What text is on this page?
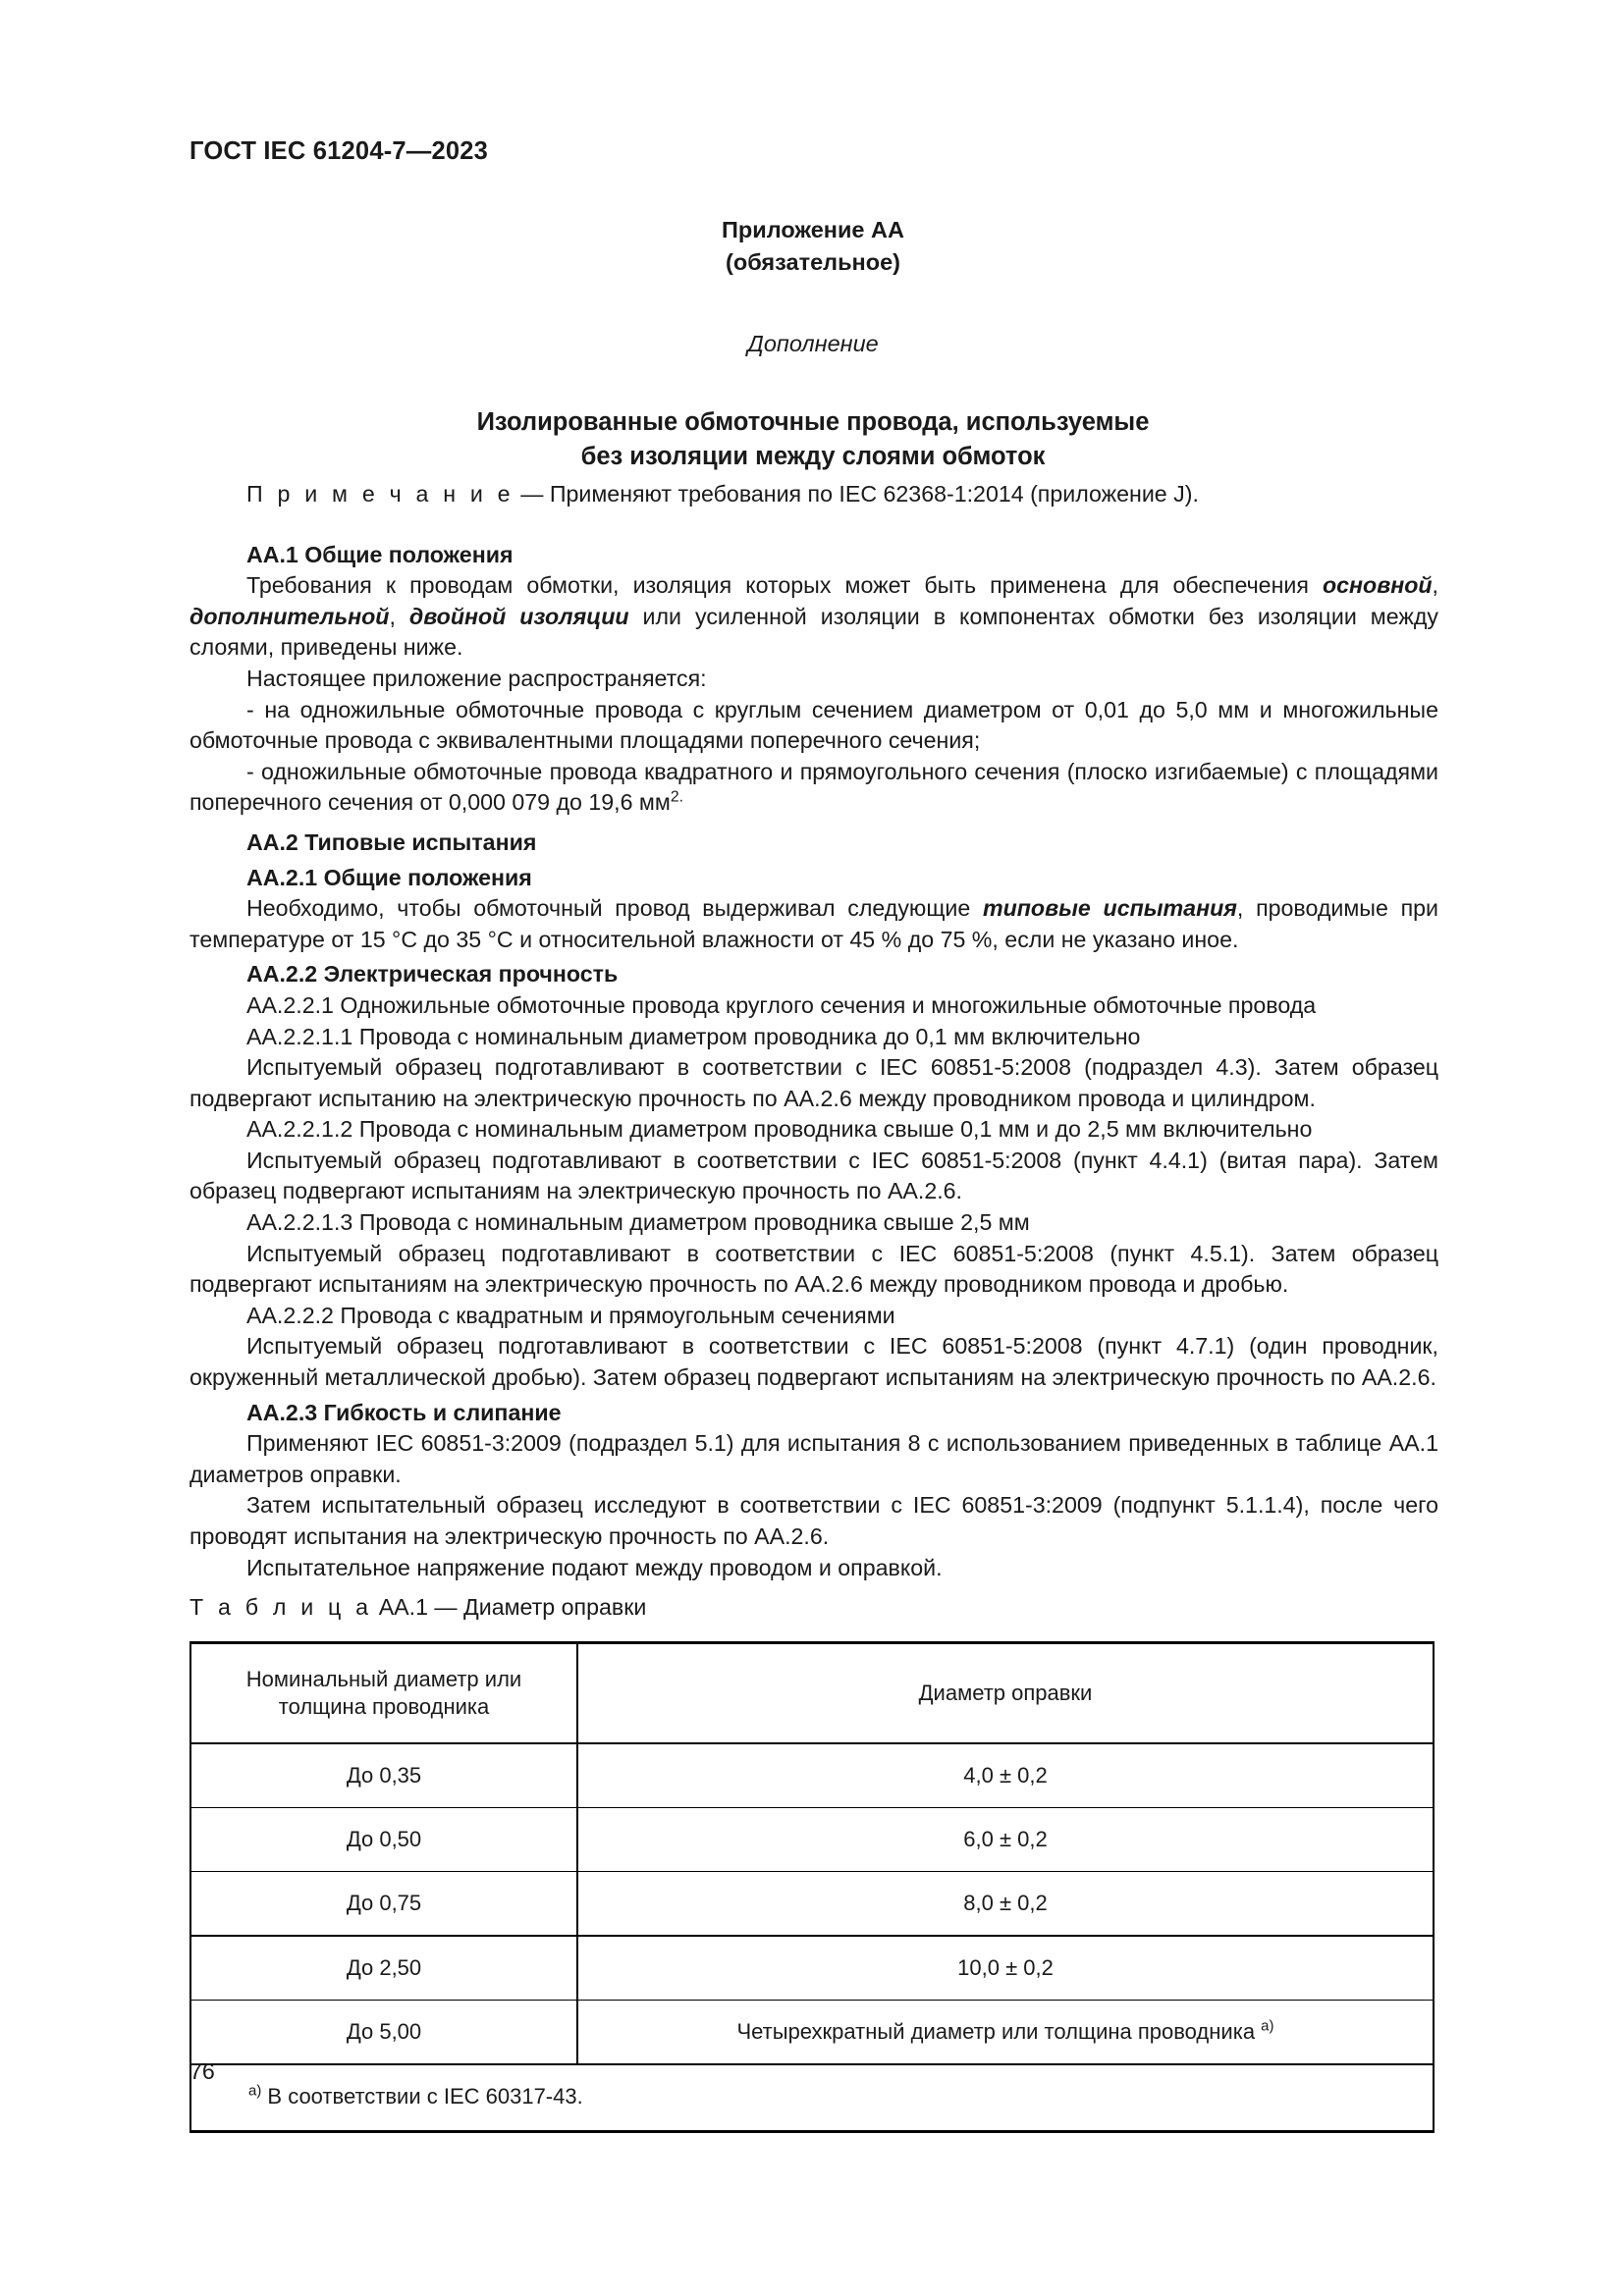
ГОСТ IEC 61204-7—2023
Приложение АА
(обязательное)
Дополнение
Изолированные обмоточные провода, используемые
без изоляции между слоями обмоток

П р и м е ч а н и е — Применяют требования по IEC 62368-1:2014 (приложение J).

АА.1 Общие положения

Требования к проводам обмотки, изоляция которых может быть применена для обеспечения основной, дополнительной, двойной изоляции или усиленной изоляции в компонентах обмотки без изоляции между слоями, приведены ниже.

Настоящее приложение распространяется:

- на одножильные обмоточные провода с круглым сечением диаметром от 0,01 до 5,0 мм и многожильные обмоточные провода с эквивалентными площадями поперечного сечения;

- одножильные обмоточные провода квадратного и прямоугольного сечения (плоско изгибаемые) с площадями поперечного сечения от 0,000 079 до 19,6 $мм^{2.}$

АА.2 Типовые испытания

АА.2.1 Общие положения

Необходимо, чтобы обмоточный провод выдерживал следующие типовые испытания, проводимые при температуре от 15 °С до 35 °С и относительной влажности от 45 % до 75 %, если не указано иное.

АА.2.2 Электрическая прочность

АА.2.2.1 Одножильные обмоточные провода круглого сечения и многожильные обмоточные провода

АА.2.2.1.1 Провода с номинальным диаметром проводника до 0,1 мм включительно

Испытуемый образец подготавливают в соответствии с IEC 60851-5:2008 (подраздел 4.3). Затем образец подвергают испытанию на электрическую прочность по АА.2.6 между проводником провода и цилиндром.

АА.2.2.1.2 Провода с номинальным диаметром проводника свыше 0,1 мм и до 2,5 мм включительно

Испытуемый образец подготавливают в соответствии с IEC 60851-5:2008 (пункт 4.4.1) (витая пара). Затем образец подвергают испытаниям на электрическую прочность по АА.2.6.

АА.2.2.1.3 Провода с номинальным диаметром проводника свыше 2,5 мм

Испытуемый образец подготавливают в соответствии с IEC 60851-5:2008 (пункт 4.5.1). Затем образец подвергают испытаниям на электрическую прочность по АА.2.6 между проводником провода и дробью.

АА.2.2.2 Провода с квадратным и прямоугольным сечениями

Испытуемый образец подготавливают в соответствии с IEC 60851-5:2008 (пункт 4.7.1) (один проводник, окруженный металлической дробью). Затем образец подвергают испытаниям на электрическую прочность по АА.2.6.

АА.2.3 Гибкость и слипание

Применяют IEC 60851-3:2009 (подраздел 5.1) для испытания 8 с использованием приведенных в таблице АА.1 диаметров оправки.

Затем испытательный образец исследуют в соответствии с IEC 60851-3:2009 (подпункт 5.1.1.4), после чего проводят испытания на электрическую прочность по АА.2.6.

Испытательное напряжение подают между проводом и оправкой.

Т а б л и ц а АА.1 — Диаметр оправки
Номинальный диаметр или толщина проводника	Диаметр оправки
До 0,35	4,0 ± 0,2
До 0,50	6,0 ± 0,2
До 0,75	8,0 ± 0,2
До 2,50	10,0 ± 0,2
До 5,00	Четырехкратный диаметр или толщина проводника $^{а)}$
$^{а)}$ В соответствии с IEC 60317-43.	
76
